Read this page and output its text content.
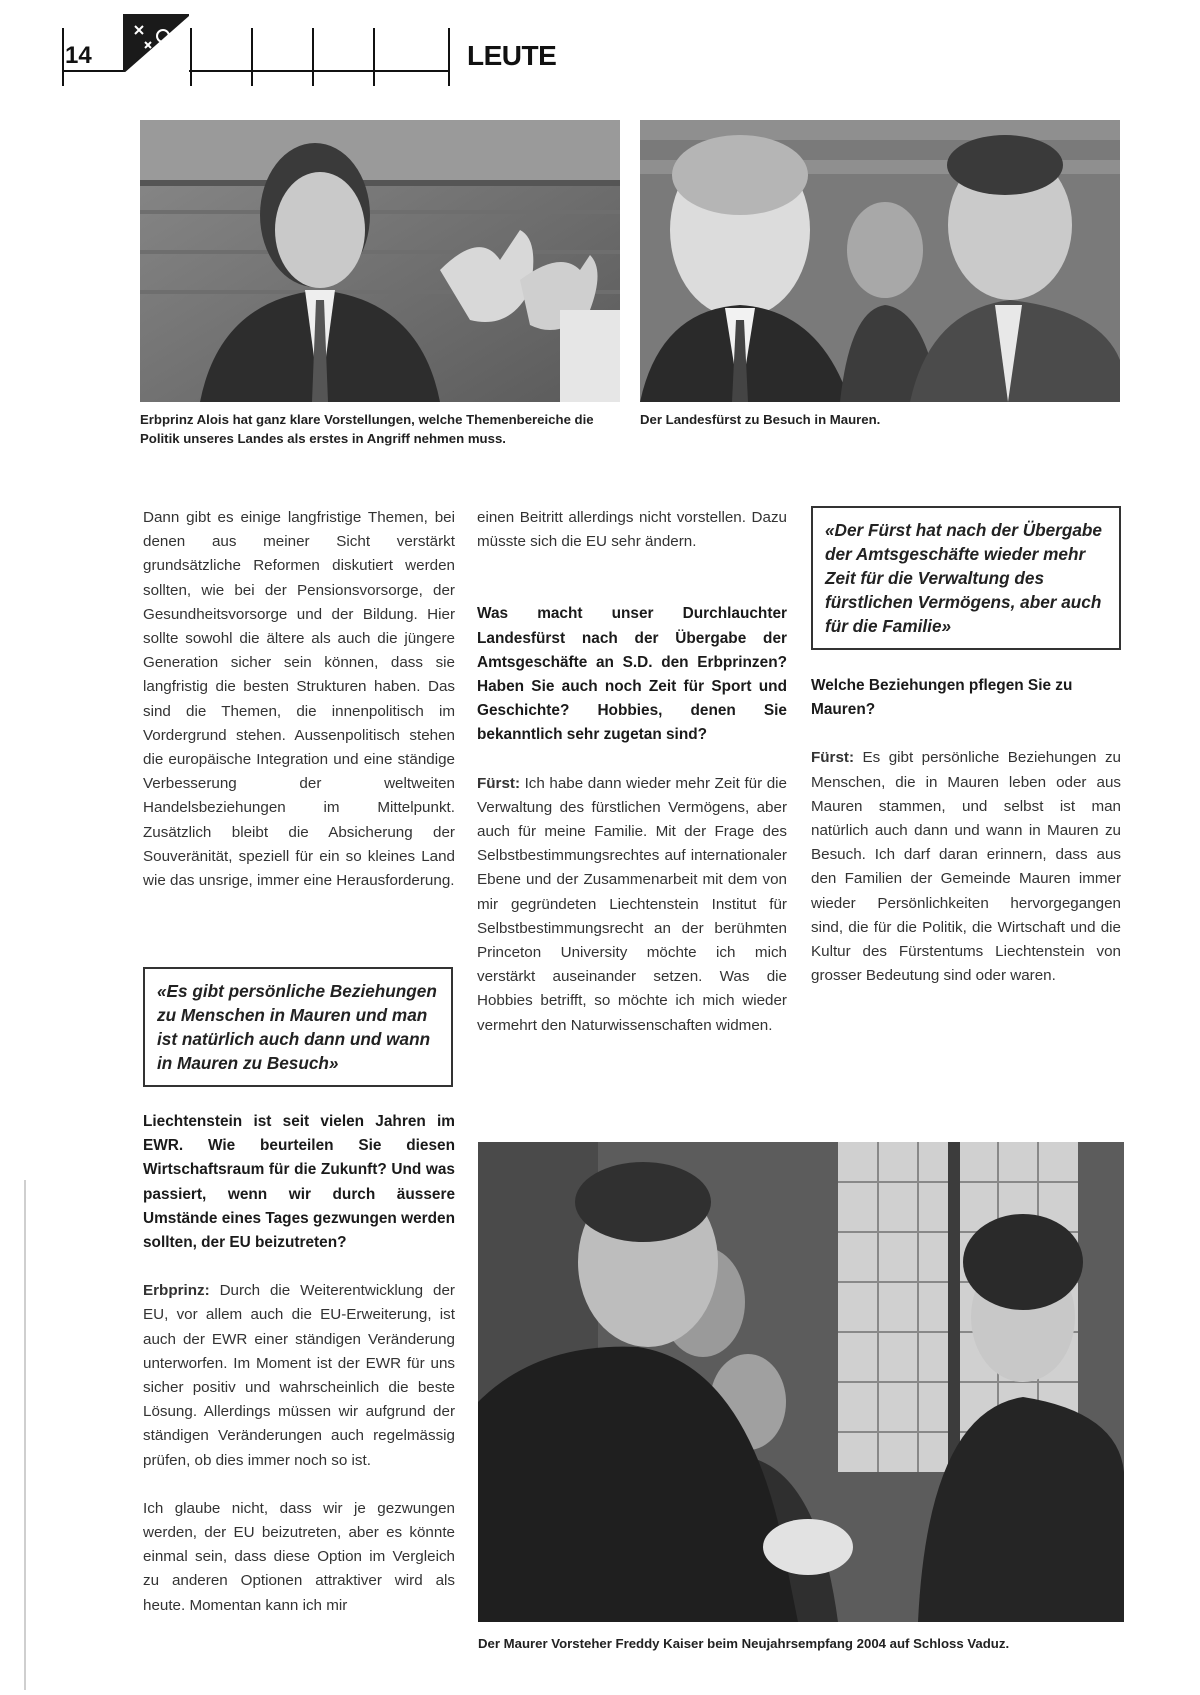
14	LEUTE
Erbprinz Alois hat ganz klare Vorstellungen, welche Themenbereiche die Politik unseres Landes als erstes in Angriff nehmen muss.
Der Landesfürst zu Besuch in Mauren.

Dann gibt es einige langfristige Themen, bei denen aus meiner Sicht verstärkt grundsätzliche Reformen diskutiert werden sollten, wie bei der Pensionsvorsorge, der Gesundheitsvorsorge und der Bildung. Hier sollte sowohl die ältere als auch die jüngere Generation sicher sein können, dass sie langfristig die besten Strukturen haben. Das sind die Themen, die innenpolitisch im Vordergrund stehen. Aussenpolitisch stehen die europäische Integration und eine ständige Verbesserung der weltweiten Handelsbeziehungen im Mittelpunkt. Zusätzlich bleibt die Absicherung der Souveränität, speziell für ein so kleines Land wie das unsrige, immer eine Herausforderung.

«Es gibt persönliche Beziehungen zu Menschen in Mauren und man ist natürlich auch dann und wann in Mauren zu Besuch»

Liechtenstein ist seit vielen Jahren im EWR. Wie beurteilen Sie diesen Wirtschaftsraum für die Zukunft? Und was passiert, wenn wir durch äussere Umstände eines Tages gezwungen werden sollten, der EU beizutreten?

Erbprinz: Durch die Weiterentwicklung der EU, vor allem auch die EU-Erweiterung, ist auch der EWR einer ständigen Veränderung unterworfen. Im Moment ist der EWR für uns sicher positiv und wahrscheinlich die beste Lösung. Allerdings müssen wir aufgrund der ständigen Veränderungen auch regelmässig prüfen, ob dies immer noch so ist.

Ich glaube nicht, dass wir je gezwungen werden, der EU beizutreten, aber es könnte einmal sein, dass diese Option im Vergleich zu anderen Optionen attraktiver wird als heute. Momentan kann ich mir

einen Beitritt allerdings nicht vorstellen. Dazu müsste sich die EU sehr ändern.

Was macht unser Durchlauchter Landesfürst nach der Übergabe der Amtsgeschäfte an S.D. den Erbprinzen? Haben Sie auch noch Zeit für Sport und Geschichte? Hobbies, denen Sie bekanntlich sehr zugetan sind?

Fürst: Ich habe dann wieder mehr Zeit für die Verwaltung des fürstlichen Vermögens, aber auch für meine Familie. Mit der Frage des Selbstbestimmungsrechtes auf internationaler Ebene und der Zusammenarbeit mit dem von mir gegründeten Liechtenstein Institut für Selbstbestimmungsrecht an der berühmten Princeton University möchte ich mich verstärkt auseinander setzen. Was die Hobbies betrifft, so möchte ich mich wieder vermehrt den Naturwissenschaften widmen.

«Der Fürst hat nach der Übergabe der Amtsgeschäfte wieder mehr Zeit für die Verwaltung des fürstlichen Vermögens, aber auch für die Familie»

Welche Beziehungen pflegen Sie zu Mauren?

Fürst: Es gibt persönliche Beziehungen zu Menschen, die in Mauren leben oder aus Mauren stammen, und selbst ist man natürlich auch dann und wann in Mauren zu Besuch. Ich darf daran erinnern, dass aus den Familien der Gemeinde Mauren immer wieder Persönlichkeiten hervorgegangen sind, die für die Politik, die Wirtschaft und die Kultur des Fürstentums Liechtenstein von grosser Bedeutung sind oder waren.

Der Maurer Vorsteher Freddy Kaiser beim Neujahrsempfang 2004 auf Schloss Vaduz.
